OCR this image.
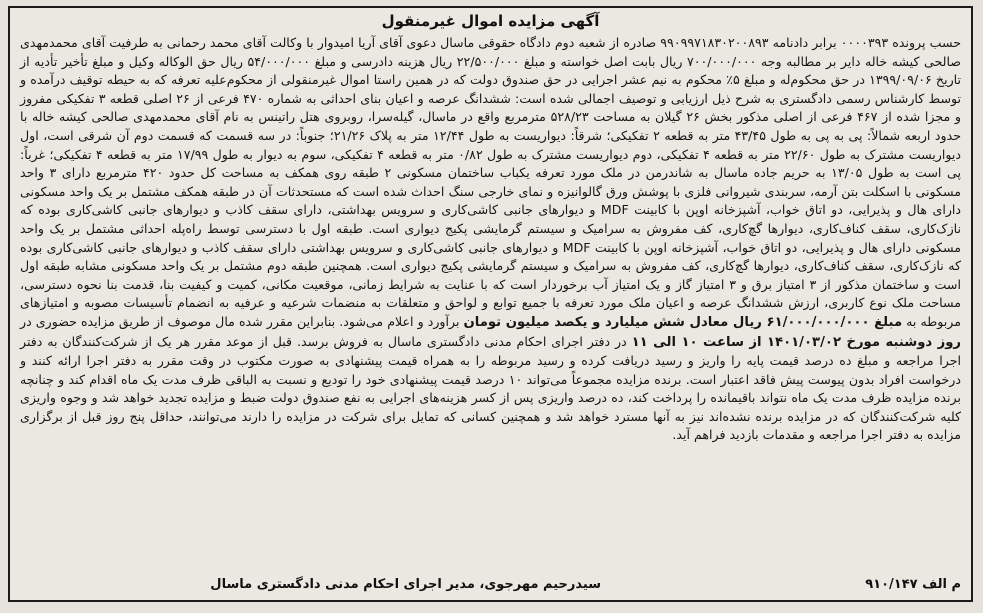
آگهی مزایده اموال غیرمنقول

حسب پرونده ۰۰۰۰۳۹۳ برابر دادنامه ۹۹۰۹۹۷۱۸۳۰۲۰۰۸۹۳ صادره از شعبه دوم دادگاه حقوقی ماسال دعوی آقای آریا امیدوار با وکالت آقای محمد رحمانی به طرفیت آقای محمدمهدی صالحی کیشه خاله دایر بر مطالبه وجه ۷۰۰/۰۰۰/۰۰۰ ریال بابت اصل خواسته و مبلغ ۲۲/۵۰۰/۰۰۰ ریال هزینه دادرسی و مبلغ ۵۴/۰۰۰/۰۰۰ ریال حق الوکاله وکیل و مبلغ تأخیر تأدیه از تاریخ ۱۳۹۹/۰۹/۰۶ در حق محکوم‌له و مبلغ ۵٪ محکوم به نیم عشر اجرایی در حق صندوق دولت که در همین راستا اموال غیرمنقولی از محکوم‌علیه تعرفه که به حیطه توقیف درآمده و توسط کارشناس رسمی دادگستری به شرح ذیل ارزیابی و توصیف اجمالی شده است: ششدانگ عرصه و اعیان بنای احداثی به شماره ۴۷۰ فرعی از ۲۶ اصلی قطعه ۳ تفکیکی مفروز و مجزا شده از ۴۶۷ فرعی از اصلی مذکور بخش ۲۶ گیلان به مساحت ۵۲۸/۲۳ مترمربع واقع در ماسال، گیله‌سرا، روبروی هتل راتینس به نام آقای محمدمهدی صالحی کیشه خاله با حدود اربعه شمالاً: پی به پی به طول ۴۳/۴۵ متر به قطعه ۲ تفکیکی؛ شرقاً: دیواریست به طول ۱۲/۴۴ متر به پلاک ۲۱/۲۶؛ جنوباً: در سه قسمت که قسمت دوم آن شرقی است، اول دیواریست مشترک به طول ۲۲/۶۰ متر به قطعه ۴ تفکیکی، دوم دیواریست مشترک به طول ۰/۸۲ متر به قطعه ۴ تفکیکی، سوم به دیوار به طول ۱۷/۹۹ متر به قطعه ۴ تفکیکی؛ غرباً: پی است به طول ۱۳/۰۵ به حریم جاده ماسال به شاندرمن در ملک مورد تعرفه یکباب ساختمان مسکونی ۲ طبقه روی همکف به مساحت کل حدود ۴۲۰ مترمربع دارای ۳ واحد مسکونی با اسکلت بتن آرمه، سربندی شیروانی فلزی با پوشش ورق گالوانیزه و نمای خارجی سنگ احداث شده است که مستحدثات آن در طبقه همکف مشتمل بر یک واحد مسکونی دارای هال و پذیرایی، دو اتاق خواب، آشپزخانه اوپن با کابینت MDF و دیوارهای جانبی کاشی‌کاری و سرویس بهداشتی، دارای سقف کاذب و دیوارهای جانبی کاشی‌کاری بوده که نازک‌کاری، سقف کناف‌کاری، دیوارها گچ‌کاری، کف مفروش به سرامیک و سیستم گرمایشی پکیج دیواری است. طبقه اول با دسترسی توسط راه‌پله احداثی مشتمل بر یک واحد مسکونی دارای هال و پذیرایی، دو اتاق خواب، آشپزخانه اوپن با کابینت MDF و دیوارهای جانبی کاشی‌کاری و سرویس بهداشتی دارای سقف کاذب و دیوارهای جانبی کاشی‌کاری بوده که نازک‌کاری، سقف کناف‌کاری، دیوارها گچ‌کاری، کف مفروش به سرامیک و سیستم گرمایشی پکیج دیواری است. همچنین طبقه دوم مشتمل بر یک واحد مسکونی مشابه طبقه اول است و ساختمان مذکور از ۳ امتیاز برق و ۳ امتیاز گاز و یک امتیاز آب برخوردار است که با عنایت به شرایط زمانی، موقعیت مکانی، کمیت و کیفیت بنا، قدمت بنا نحوه دسترسی، مساحت ملک نوع کاربری، ارزش ششدانگ عرصه و اعیان ملک مورد تعرفه با جمیع توابع و لواحق و متعلقات به منضمات شرعیه و عرفیه به انضمام تأسیسات مصوبه و امتیازهای مربوطه به مبلغ ۶۱/۰۰۰/۰۰۰/۰۰۰ ریال معادل شش میلیارد و یکصد میلیون تومان برآورد و اعلام می‌شود. بنابراین مقرر شده مال موصوف از طریق مزایده حضوری در روز دوشنبه مورخ ۱۴۰۱/۰۳/۰۲ از ساعت ۱۰ الی ۱۱ در دفتر اجرای احکام مدنی دادگستری ماسال به فروش برسد. قبل از موعد مقرر هر یک از شرکت‌کنندگان به دفتر اجرا مراجعه و مبلغ ده درصد قیمت پایه را واریز و رسید دریافت کرده و رسید مربوطه را به همراه قیمت پیشنهادی به صورت مکتوب در وقت مقرر به دفتر اجرا ارائه کنند و درخواست افراد بدون پیوست پیش فاقد اعتبار است. برنده مزایده مجموعاً می‌تواند ۱۰ درصد قیمت پیشنهادی خود را تودیع و نسبت به الباقی ظرف مدت یک ماه اقدام کند و چنانچه برنده مزایده ظرف مدت یک ماه نتواند باقیمانده را پرداخت کند، ده درصد واریزی پس از کسر هزینه‌های اجرایی به نفع صندوق دولت ضبط و مزایده تجدید خواهد شد و وجوه واریزی کلیه شرکت‌کنندگان که در مزایده برنده نشده‌اند نیز به آنها مسترد خواهد شد و همچنین کسانی که تمایل برای شرکت در مزایده را دارند می‌توانند، حداقل پنج روز قبل از برگزاری مزایده به دفتر اجرا مراجعه و مقدمات بازدید فراهم آید.

م الف ۹۱۰/۱۴۷
سیدرحیم مهرجوی، مدیر اجرای احکام مدنی دادگستری ماسال
